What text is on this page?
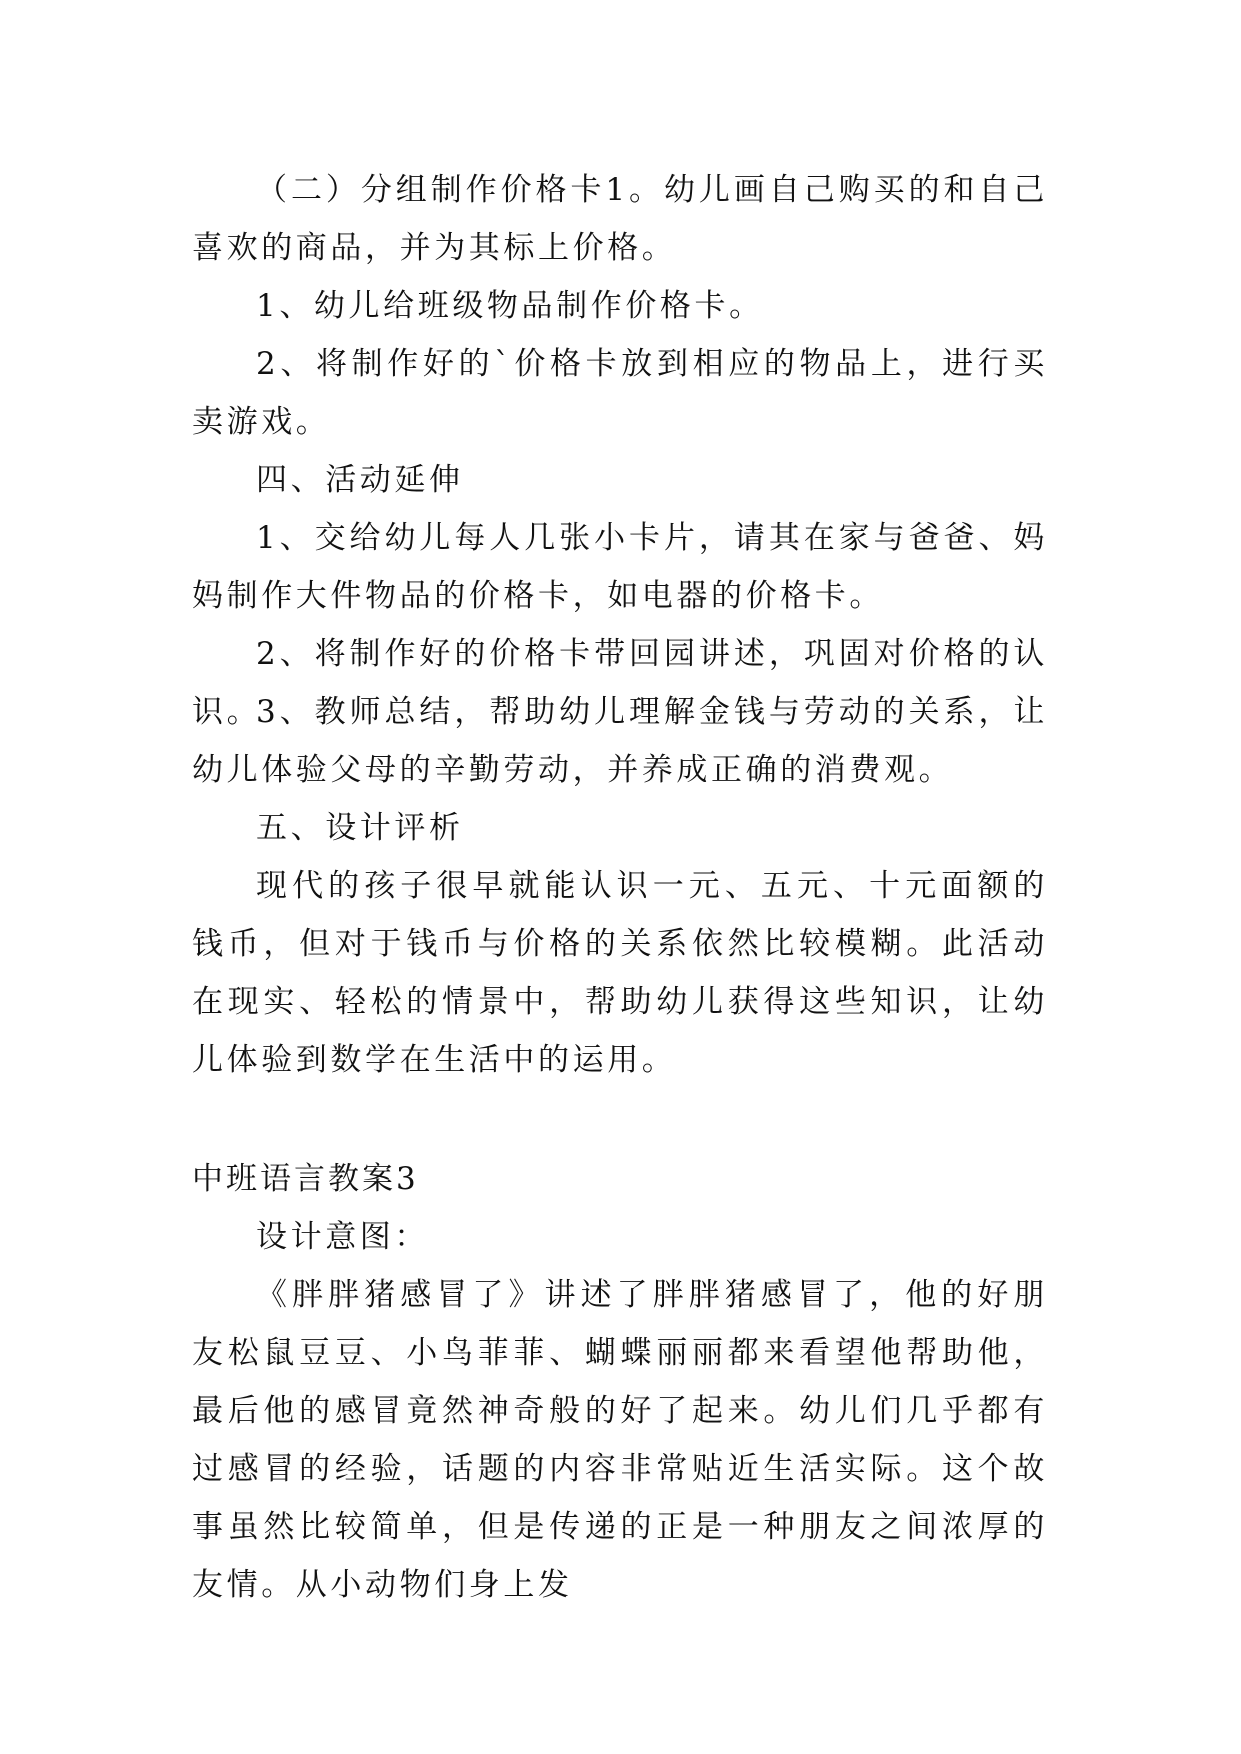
（二）分组制作价格卡1。幼儿画自己购买的和自己喜欢的商品，并为其标上价格。

1、幼儿给班级物品制作价格卡。

2、将制作好的`价格卡放到相应的物品上，进行买卖游戏。

四、活动延伸

1、交给幼儿每人几张小卡片，请其在家与爸爸、妈妈制作大件物品的价格卡，如电器的价格卡。

2、将制作好的价格卡带回园讲述，巩固对价格的认识。

3、教师总结，帮助幼儿理解金钱与劳动的关系，让幼儿体验父母的辛勤劳动，并养成正确的消费观。

五、设计评析

现代的孩子很早就能认识一元、五元、十元面额的钱币，但对于钱币与价格的关系依然比较模糊。此活动在现实、轻松的情景中，帮助幼儿获得这些知识，让幼儿体验到数学在生活中的运用。

中班语言教案3

设计意图：

《胖胖猪感冒了》讲述了胖胖猪感冒了，他的好朋友松鼠豆豆、小鸟菲菲、蝴蝶丽丽都来看望他帮助他，最后他的感冒竟然神奇般的好了起来。幼儿们几乎都有过感冒的经验，话题的内容非常贴近生活实际。这个故事虽然比较简单，但是传递的正是一种朋友之间浓厚的友情。从小动物们身上发
